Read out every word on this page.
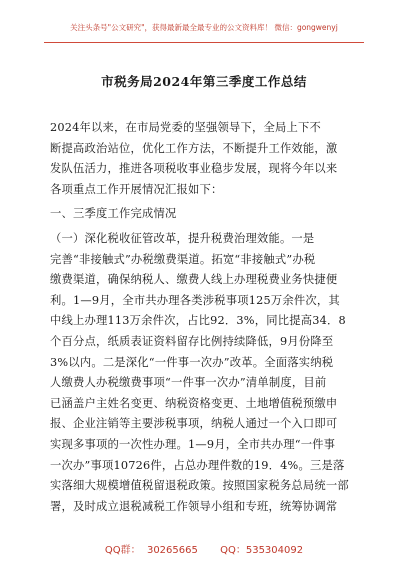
关注头条号"公文研究"，获得最新最全最专业的公文资料库！ 微信：gongwenyj
市税务局2024年第三季度工作总结
2024年以来，在市局党委的坚强领导下，全局上下不
断提高政治站位，优化工作方法，不断提升工作效能，激
发队伍活力，推进各项税收事业稳步发展，现将今年以来
各项重点工作开展情况汇报如下：
一、三季度工作完成情况
（一）深化税收征管改革，提升税费治理效能。一是
完善“非接触式”办税缴费渠道。拓宽“非接触式”办税
缴费渠道，确保纳税人、缴费人线上办理税费业务快捷便
利。1—9月，全市共办理各类涉税事项125万余件次，其
中线上办理113万余件次，占比92．3%，同比提高34．8
个百分点，纸质表证资料留存比例持续降低，9月份降至
3%以内。二是深化“一件事一次办”改革。全面落实纳税
人缴费人办税缴费事项“一件事一次办”清单制度，目前
已涵盖户主姓名变更、纳税资格变更、土地增值税预缴申
报、企业注销等主要涉税事项，纳税人通过一个入口即可
实现多事项的一次性办理。1—9月，全市共办理“一件事
一次办”事项10726件，占总办理件数的19．4%。三是落
实落细大规模增值税留退税政策。按照国家税务总局统一部
署，及时成立退税减税工作领导小组和专班，统筹协调常
QQ群：  30265665       QQ：535304092
